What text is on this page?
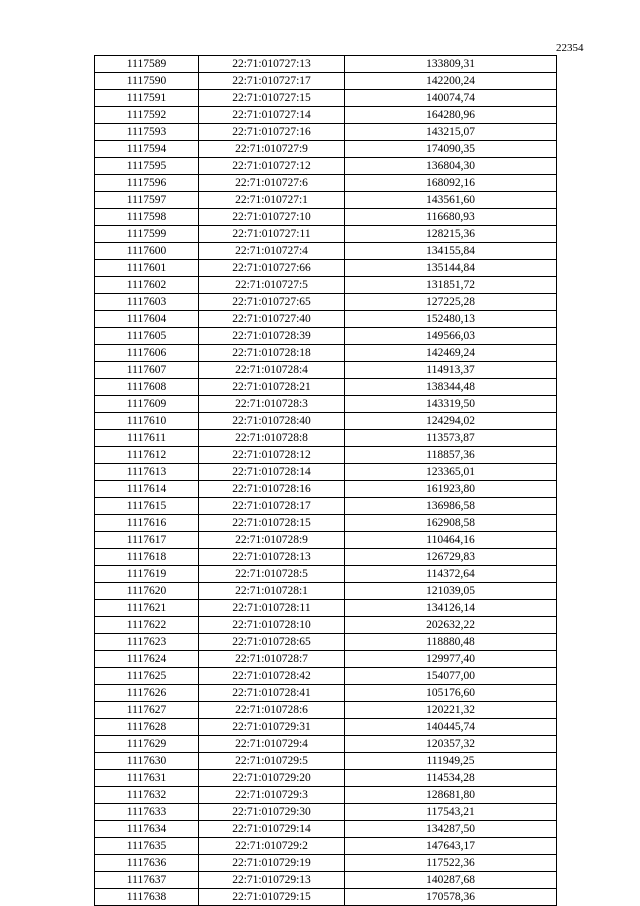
22354
1117589	22:71:010727:13	133809,31
1117590	22:71:010727:17	142200,24
1117591	22:71:010727:15	140074,74
1117592	22:71:010727:14	164280,96
1117593	22:71:010727:16	143215,07
1117594	22:71:010727:9	174090,35
1117595	22:71:010727:12	136804,30
1117596	22:71:010727:6	168092,16
1117597	22:71:010727:1	143561,60
1117598	22:71:010727:10	116680,93
1117599	22:71:010727:11	128215,36
1117600	22:71:010727:4	134155,84
1117601	22:71:010727:66	135144,84
1117602	22:71:010727:5	131851,72
1117603	22:71:010727:65	127225,28
1117604	22:71:010727:40	152480,13
1117605	22:71:010728:39	149566,03
1117606	22:71:010728:18	142469,24
1117607	22:71:010728:4	114913,37
1117608	22:71:010728:21	138344,48
1117609	22:71:010728:3	143319,50
1117610	22:71:010728:40	124294,02
1117611	22:71:010728:8	113573,87
1117612	22:71:010728:12	118857,36
1117613	22:71:010728:14	123365,01
1117614	22:71:010728:16	161923,80
1117615	22:71:010728:17	136986,58
1117616	22:71:010728:15	162908,58
1117617	22:71:010728:9	110464,16
1117618	22:71:010728:13	126729,83
1117619	22:71:010728:5	114372,64
1117620	22:71:010728:1	121039,05
1117621	22:71:010728:11	134126,14
1117622	22:71:010728:10	202632,22
1117623	22:71:010728:65	118880,48
1117624	22:71:010728:7	129977,40
1117625	22:71:010728:42	154077,00
1117626	22:71:010728:41	105176,60
1117627	22:71:010728:6	120221,32
1117628	22:71:010729:31	140445,74
1117629	22:71:010729:4	120357,32
1117630	22:71:010729:5	111949,25
1117631	22:71:010729:20	114534,28
1117632	22:71:010729:3	128681,80
1117633	22:71:010729:30	117543,21
1117634	22:71:010729:14	134287,50
1117635	22:71:010729:2	147643,17
1117636	22:71:010729:19	117522,36
1117637	22:71:010729:13	140287,68
1117638	22:71:010729:15	170578,36
